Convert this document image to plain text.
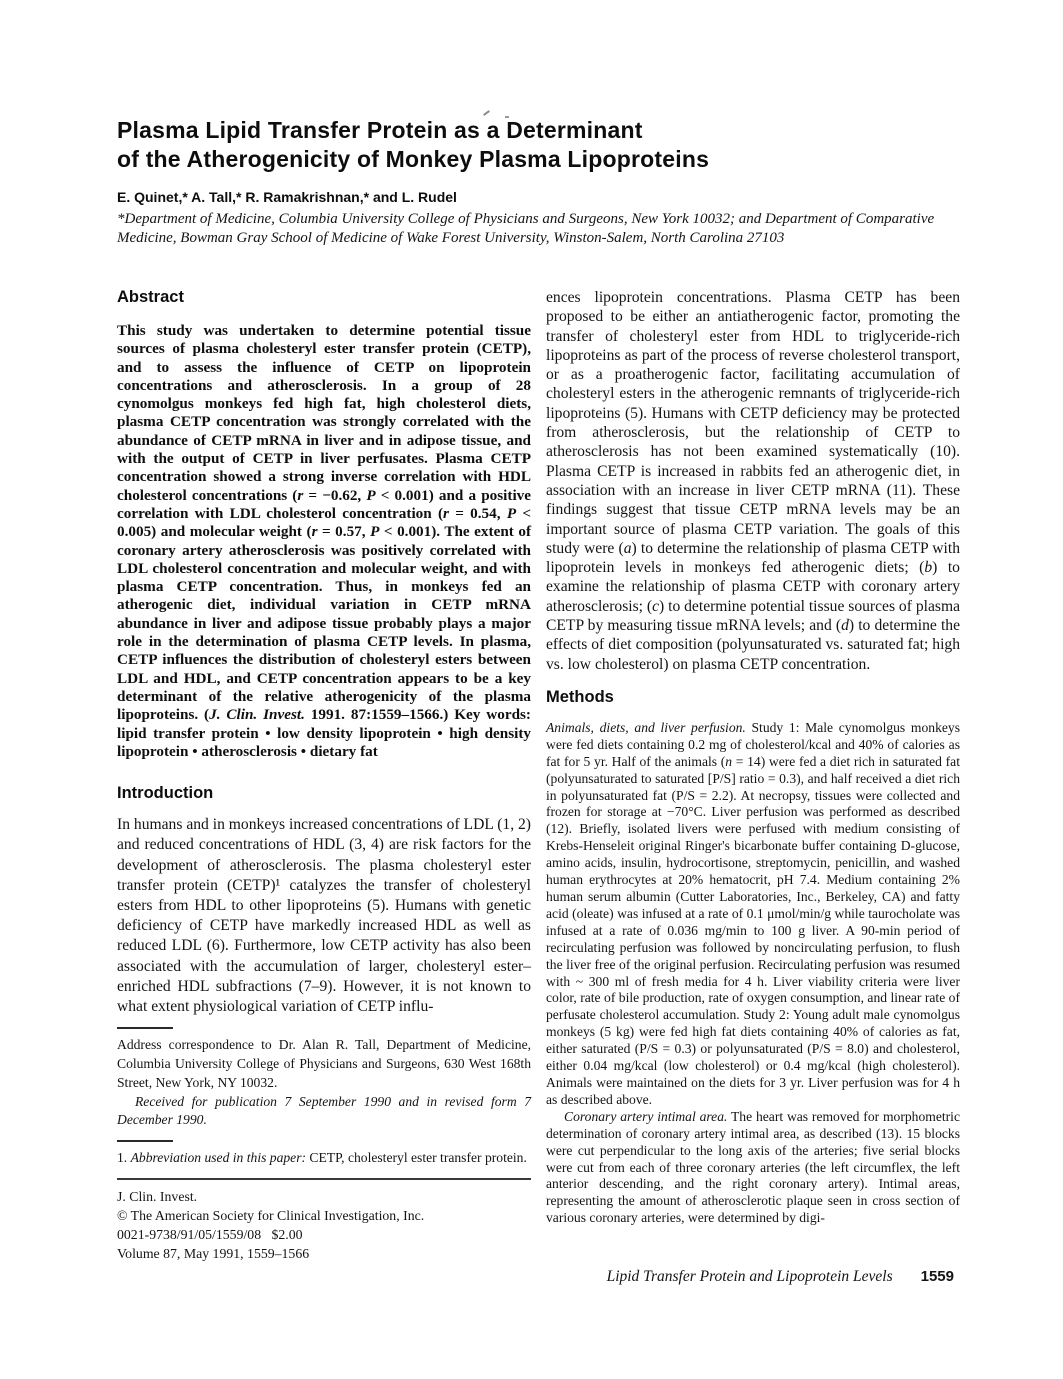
Plasma Lipid Transfer Protein as a Determinant
of the Atherogenicity of Monkey Plasma Lipoproteins
E. Quinet,* A. Tall,* R. Ramakrishnan,* and L. Rudel
*Department of Medicine, Columbia University College of Physicians and Surgeons, New York 10032; and Department of Comparative Medicine, Bowman Gray School of Medicine of Wake Forest University, Winston-Salem, North Carolina 27103
Abstract

This study was undertaken to determine potential tissue sources of plasma cholesteryl ester transfer protein (CETP), and to assess the influence of CETP on lipoprotein concentrations and atherosclerosis. In a group of 28 cynomolgus monkeys fed high fat, high cholesterol diets, plasma CETP concentration was strongly correlated with the abundance of CETP mRNA in liver and in adipose tissue, and with the output of CETP in liver perfusates. Plasma CETP concentration showed a strong inverse correlation with HDL cholesterol concentrations (r = −0.62, P < 0.001) and a positive correlation with LDL cholesterol concentration (r = 0.54, P < 0.005) and molecular weight (r = 0.57, P < 0.001). The extent of coronary artery atherosclerosis was positively correlated with LDL cholesterol concentration and molecular weight, and with plasma CETP concentration. Thus, in monkeys fed an atherogenic diet, individual variation in CETP mRNA abundance in liver and adipose tissue probably plays a major role in the determination of plasma CETP levels. In plasma, CETP influences the distribution of cholesteryl esters between LDL and HDL, and CETP concentration appears to be a key determinant of the relative atherogenicity of the plasma lipoproteins. (J. Clin. Invest. 1991. 87:1559–1566.) Key words: lipid transfer protein • low density lipoprotein • high density lipoprotein • atherosclerosis • dietary fat

Introduction

In humans and in monkeys increased concentrations of LDL (1, 2) and reduced concentrations of HDL (3, 4) are risk factors for the development of atherosclerosis. The plasma cholesteryl ester transfer protein (CETP)¹ catalyzes the transfer of cholesteryl esters from HDL to other lipoproteins (5). Humans with genetic deficiency of CETP have markedly increased HDL as well as reduced LDL (6). Furthermore, low CETP activity has also been associated with the accumulation of larger, cholesteryl ester–enriched HDL subfractions (7–9). However, it is not known to what extent physiological variation of CETP influ-

Address correspondence to Dr. Alan R. Tall, Department of Medicine, Columbia University College of Physicians and Surgeons, 630 West 168th Street, New York, NY 10032.

Received for publication 7 September 1990 and in revised form 7 December 1990.

1. Abbreviation used in this paper: CETP, cholesteryl ester transfer protein.

J. Clin. Invest.

© The American Society for Clinical Investigation, Inc.

0021-9738/91/05/1559/08   $2.00

Volume 87, May 1991, 1559–1566

ences lipoprotein concentrations. Plasma CETP has been proposed to be either an antiatherogenic factor, promoting the transfer of cholesteryl ester from HDL to triglyceride-rich lipoproteins as part of the process of reverse cholesterol transport, or as a proatherogenic factor, facilitating accumulation of cholesteryl esters in the atherogenic remnants of triglyceride-rich lipoproteins (5). Humans with CETP deficiency may be protected from atherosclerosis, but the relationship of CETP to atherosclerosis has not been examined systematically (10). Plasma CETP is increased in rabbits fed an atherogenic diet, in association with an increase in liver CETP mRNA (11). These findings suggest that tissue CETP mRNA levels may be an important source of plasma CETP variation. The goals of this study were (a) to determine the relationship of plasma CETP with lipoprotein levels in monkeys fed atherogenic diets; (b) to examine the relationship of plasma CETP with coronary artery atherosclerosis; (c) to determine potential tissue sources of plasma CETP by measuring tissue mRNA levels; and (d) to determine the effects of diet composition (polyunsaturated vs. saturated fat; high vs. low cholesterol) on plasma CETP concentration.

Methods

Animals, diets, and liver perfusion. Study 1: Male cynomolgus monkeys were fed diets containing 0.2 mg of cholesterol/kcal and 40% of calories as fat for 5 yr. Half of the animals (n = 14) were fed a diet rich in saturated fat (polyunsaturated to saturated [P/S] ratio = 0.3), and half received a diet rich in polyunsaturated fat (P/S = 2.2). At necropsy, tissues were collected and frozen for storage at −70°C. Liver perfusion was performed as described (12). Briefly, isolated livers were perfused with medium consisting of Krebs-Henseleit original Ringer's bicarbonate buffer containing D-glucose, amino acids, insulin, hydrocortisone, streptomycin, penicillin, and washed human erythrocytes at 20% hematocrit, pH 7.4. Medium containing 2% human serum albumin (Cutter Laboratories, Inc., Berkeley, CA) and fatty acid (oleate) was infused at a rate of 0.1 μmol/min/g while taurocholate was infused at a rate of 0.036 mg/min to 100 g liver. A 90-min period of recirculating perfusion was followed by noncirculating perfusion, to flush the liver free of the original perfusion. Recirculating perfusion was resumed with ~ 300 ml of fresh media for 4 h. Liver viability criteria were liver color, rate of bile production, rate of oxygen consumption, and linear rate of perfusate cholesterol accumulation. Study 2: Young adult male cynomolgus monkeys (5 kg) were fed high fat diets containing 40% of calories as fat, either saturated (P/S = 0.3) or polyunsaturated (P/S = 8.0) and cholesterol, either 0.04 mg/kcal (low cholesterol) or 0.4 mg/kcal (high cholesterol). Animals were maintained on the diets for 3 yr. Liver perfusion was for 4 h as described above.

Coronary artery intimal area. The heart was removed for morphometric determination of coronary artery intimal area, as described (13). 15 blocks were cut perpendicular to the long axis of the arteries; five serial blocks were cut from each of three coronary arteries (the left circumflex, the left anterior descending, and the right coronary artery). Intimal areas, representing the amount of atherosclerotic plaque seen in cross section of various coronary arteries, were determined by digi-

Lipid Transfer Protein and Lipoprotein Levels 1559
